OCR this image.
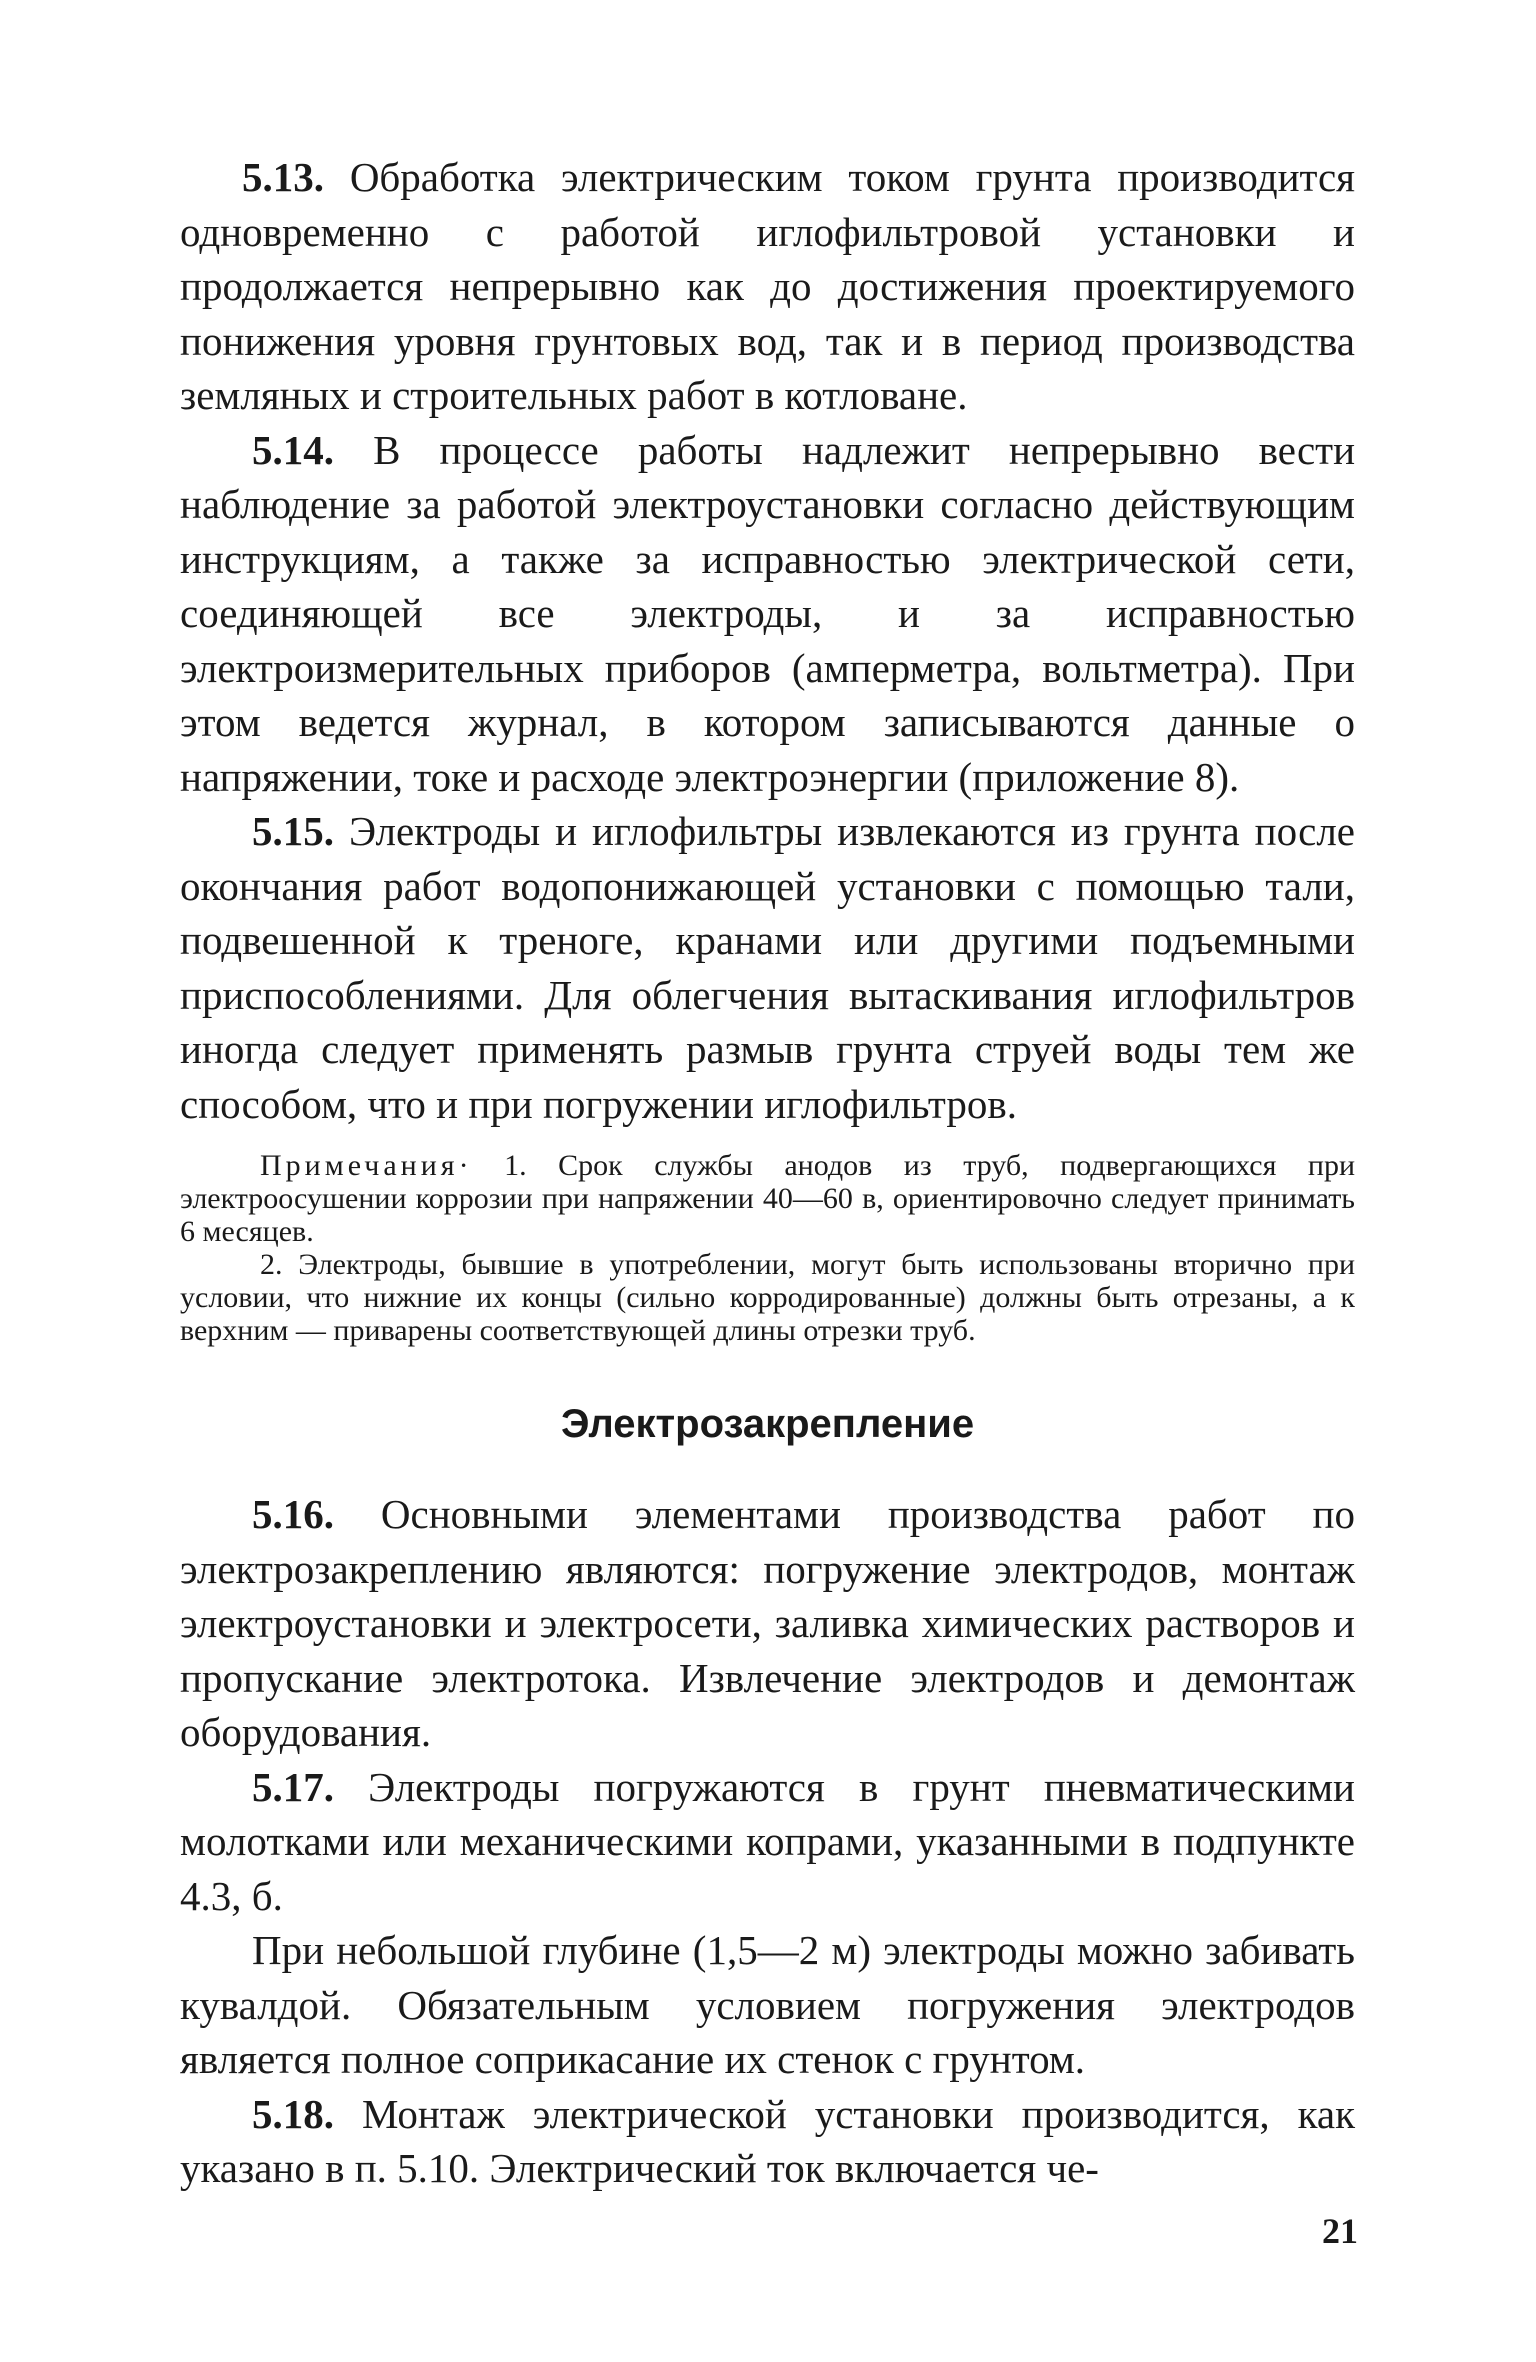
5.13. Обработка электрическим током грунта производится одновременно с работой иглофильтровой установки и продолжается непрерывно как до достижения проектируемого понижения уровня грунтовых вод, так и в период производства земляных и строительных работ в котловане.

5.14. В процессе работы надлежит непрерывно вести наблюдение за работой электроустановки согласно действующим инструкциям, а также за исправностью электрической сети, соединяющей все электроды, и за исправностью электроизмерительных приборов (амперметра, вольтметра). При этом ведется журнал, в котором записываются данные о напряжении, токе и расходе электроэнергии (приложение 8).

5.15. Электроды и иглофильтры извлекаются из грунта после окончания работ водопонижающей установки с помощью тали, подвешенной к треноге, кранами или другими подъемными приспособлениями. Для облегчения вытаскивания иглофильтров иногда следует применять размыв грунта струей воды тем же способом, что и при погружении иглофильтров.

Примечания· 1. Срок службы анодов из труб, подвергающихся при электроосушении коррозии при напряжении 40—60 в, ориентировочно следует принимать 6 месяцев.

2. Электроды, бывшие в употреблении, могут быть использованы вторично при условии, что нижние их концы (сильно корродированные) должны быть отрезаны, а к верхним — приварены соответствующей длины отрезки труб.

Электрозакрепление

5.16. Основными элементами производства работ по электрозакреплению являются: погружение электродов, монтаж электроустановки и электросети, заливка химических растворов и пропускание электротока. Извлечение электродов и демонтаж оборудования.

5.17. Электроды погружаются в грунт пневматическими молотками или механическими копрами, указанными в подпункте 4.3, б.

При небольшой глубине (1,5—2 м) электроды можно забивать кувалдой. Обязательным условием погружения электродов является полное соприкасание их стенок с грунтом.

5.18. Монтаж электрической установки производится, как указано в п. 5.10. Электрический ток включается че-

21
